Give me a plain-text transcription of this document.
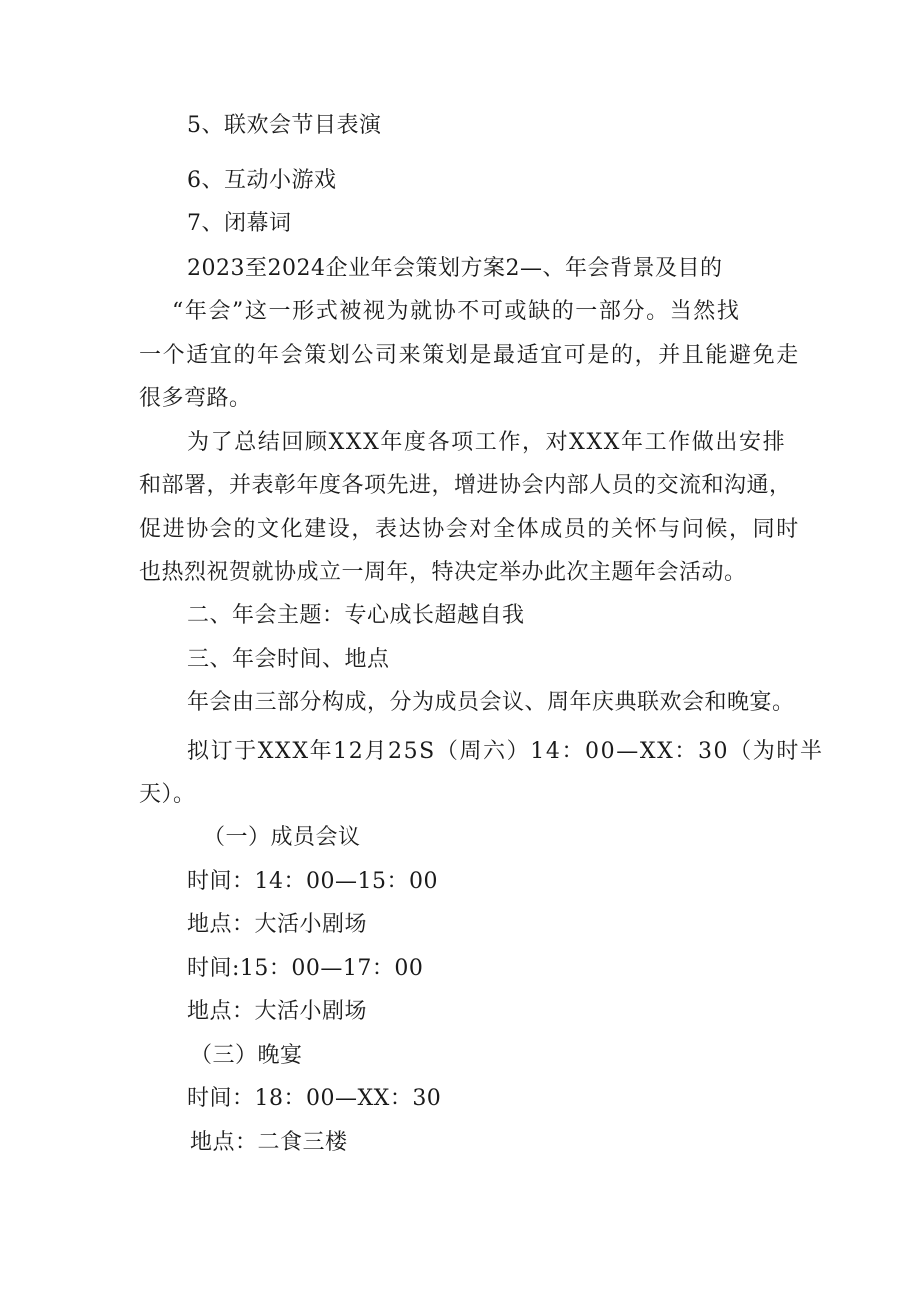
5、联欢会节目表演
6、互动小游戏
7、闭幕词
2023至2024企业年会策划方案2—、年会背景及目的
“年会”这一形式被视为就协不可或缺的一部分。当然找
一个适宜的年会策划公司来策划是最适宜可是的，并且能避免走
很多弯路。
为了总结回顾XXX年度各项工作，对XXX年工作做出安排
和部署，并表彰年度各项先进，增进协会内部人员的交流和沟通，
促进协会的文化建设，表达协会对全体成员的关怀与问候，同时
也热烈祝贺就协成立一周年，特决定举办此次主题年会活动。
二、年会主题：专心成长超越自我
三、年会时间、地点
年会由三部分构成，分为成员会议、周年庆典联欢会和晚宴。
拟订于XXX年12月25S（周六）14：00—XX：30（为时半
天）。
（一）成员会议
时间：14：00—15：00
地点：大活小剧场
时间:15：00—17：00
地点：大活小剧场
（三）晚宴
时间：18：00—XX：30
地点：二食三楼
